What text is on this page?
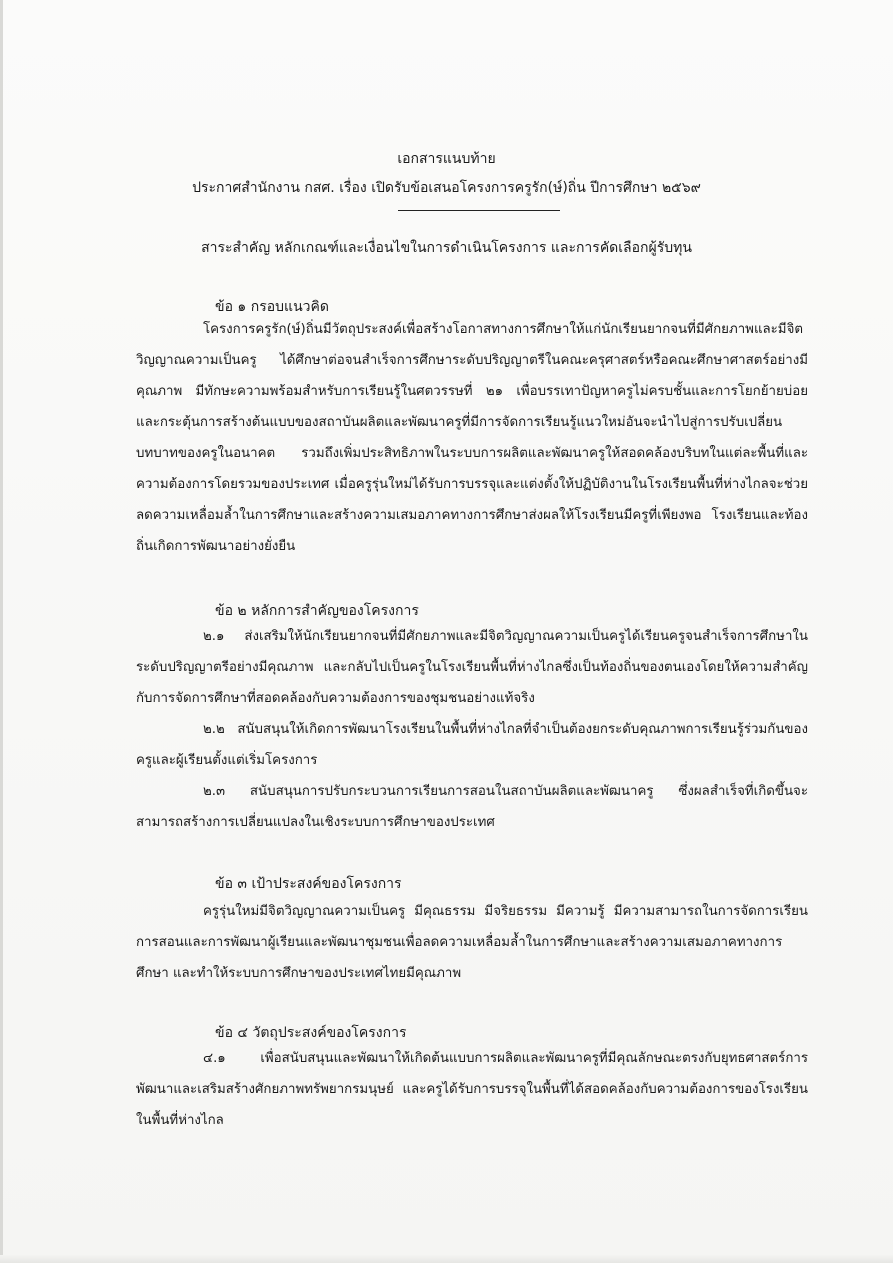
เอกสารแนบท้าย
ประกาศสำนักงาน กสศ. เรื่อง เปิดรับข้อเสนอโครงการครูรัก(ษ์)ถิ่น ปีการศึกษา ๒๕๖๙
สาระสำคัญ หลักเกณฑ์และเงื่อนไขในการดำเนินโครงการ และการคัดเลือกผู้รับทุน
ข้อ ๑ กรอบแนวคิด

โครงการครูรัก(ษ์)ถิ่นมีวัตถุประสงค์เพื่อสร้างโอกาสทางการศึกษาให้แก่นักเรียนยากจนที่มีศักยภาพและมีจิตวิญญาณความเป็นครู ได้ศึกษาต่อจนสำเร็จการศึกษาระดับปริญญาตรีในคณะครุศาสตร์หรือคณะศึกษาศาสตร์อย่างมีคุณภาพ มีทักษะความพร้อมสำหรับการเรียนรู้ในศตวรรษที่ ๒๑ เพื่อบรรเทาปัญหาครูไม่ครบชั้นและการโยกย้ายบ่อย และกระตุ้นการสร้างต้นแบบของสถาบันผลิตและพัฒนาครูที่มีการจัดการเรียนรู้แนวใหม่อันจะนำไปสู่การปรับเปลี่ยนบทบาทของครูในอนาคต รวมถึงเพิ่มประสิทธิภาพในระบบการผลิตและพัฒนาครูให้สอดคล้องบริบทในแต่ละพื้นที่และความต้องการโดยรวมของประเทศ เมื่อครูรุ่นใหม่ได้รับการบรรจุและแต่งตั้งให้ปฏิบัติงานในโรงเรียนพื้นที่ห่างไกลจะช่วยลดความเหลื่อมล้ำในการศึกษาและสร้างความเสมอภาคทางการศึกษาส่งผลให้โรงเรียนมีครูที่เพียงพอ โรงเรียนและท้องถิ่นเกิดการพัฒนาอย่างยั่งยืน

ข้อ ๒ หลักการสำคัญของโครงการ

๒.๑ ส่งเสริมให้นักเรียนยากจนที่มีศักยภาพและมีจิตวิญญาณความเป็นครูได้เรียนครูจนสำเร็จการศึกษาในระดับปริญญาตรีอย่างมีคุณภาพ และกลับไปเป็นครูในโรงเรียนพื้นที่ห่างไกลซึ่งเป็นท้องถิ่นของตนเองโดยให้ความสำคัญกับการจัดการศึกษาที่สอดคล้องกับความต้องการของชุมชนอย่างแท้จริง

๒.๒ สนับสนุนให้เกิดการพัฒนาโรงเรียนในพื้นที่ห่างไกลที่จำเป็นต้องยกระดับคุณภาพการเรียนรู้ร่วมกันของครูและผู้เรียนตั้งแต่เริ่มโครงการ

๒.๓ สนับสนุนการปรับกระบวนการเรียนการสอนในสถาบันผลิตและพัฒนาครู ซึ่งผลสำเร็จที่เกิดขึ้นจะสามารถสร้างการเปลี่ยนแปลงในเชิงระบบการศึกษาของประเทศ

ข้อ ๓ เป้าประสงค์ของโครงการ

ครูรุ่นใหม่มีจิตวิญญาณความเป็นครู มีคุณธรรม มีจริยธรรม มีความรู้ มีความสามารถในการจัดการเรียนการสอนและการพัฒนาผู้เรียนและพัฒนาชุมชนเพื่อลดความเหลื่อมล้ำในการศึกษาและสร้างความเสมอภาคทางการศึกษา และทำให้ระบบการศึกษาของประเทศไทยมีคุณภาพ

ข้อ ๔ วัตถุประสงค์ของโครงการ

๔.๑ เพื่อสนับสนุนและพัฒนาให้เกิดต้นแบบการผลิตและพัฒนาครูที่มีคุณลักษณะตรงกับยุทธศาสตร์การพัฒนาและเสริมสร้างศักยภาพทรัพยากรมนุษย์ และครูได้รับการบรรจุในพื้นที่ได้สอดคล้องกับความต้องการของโรงเรียนในพื้นที่ห่างไกล
